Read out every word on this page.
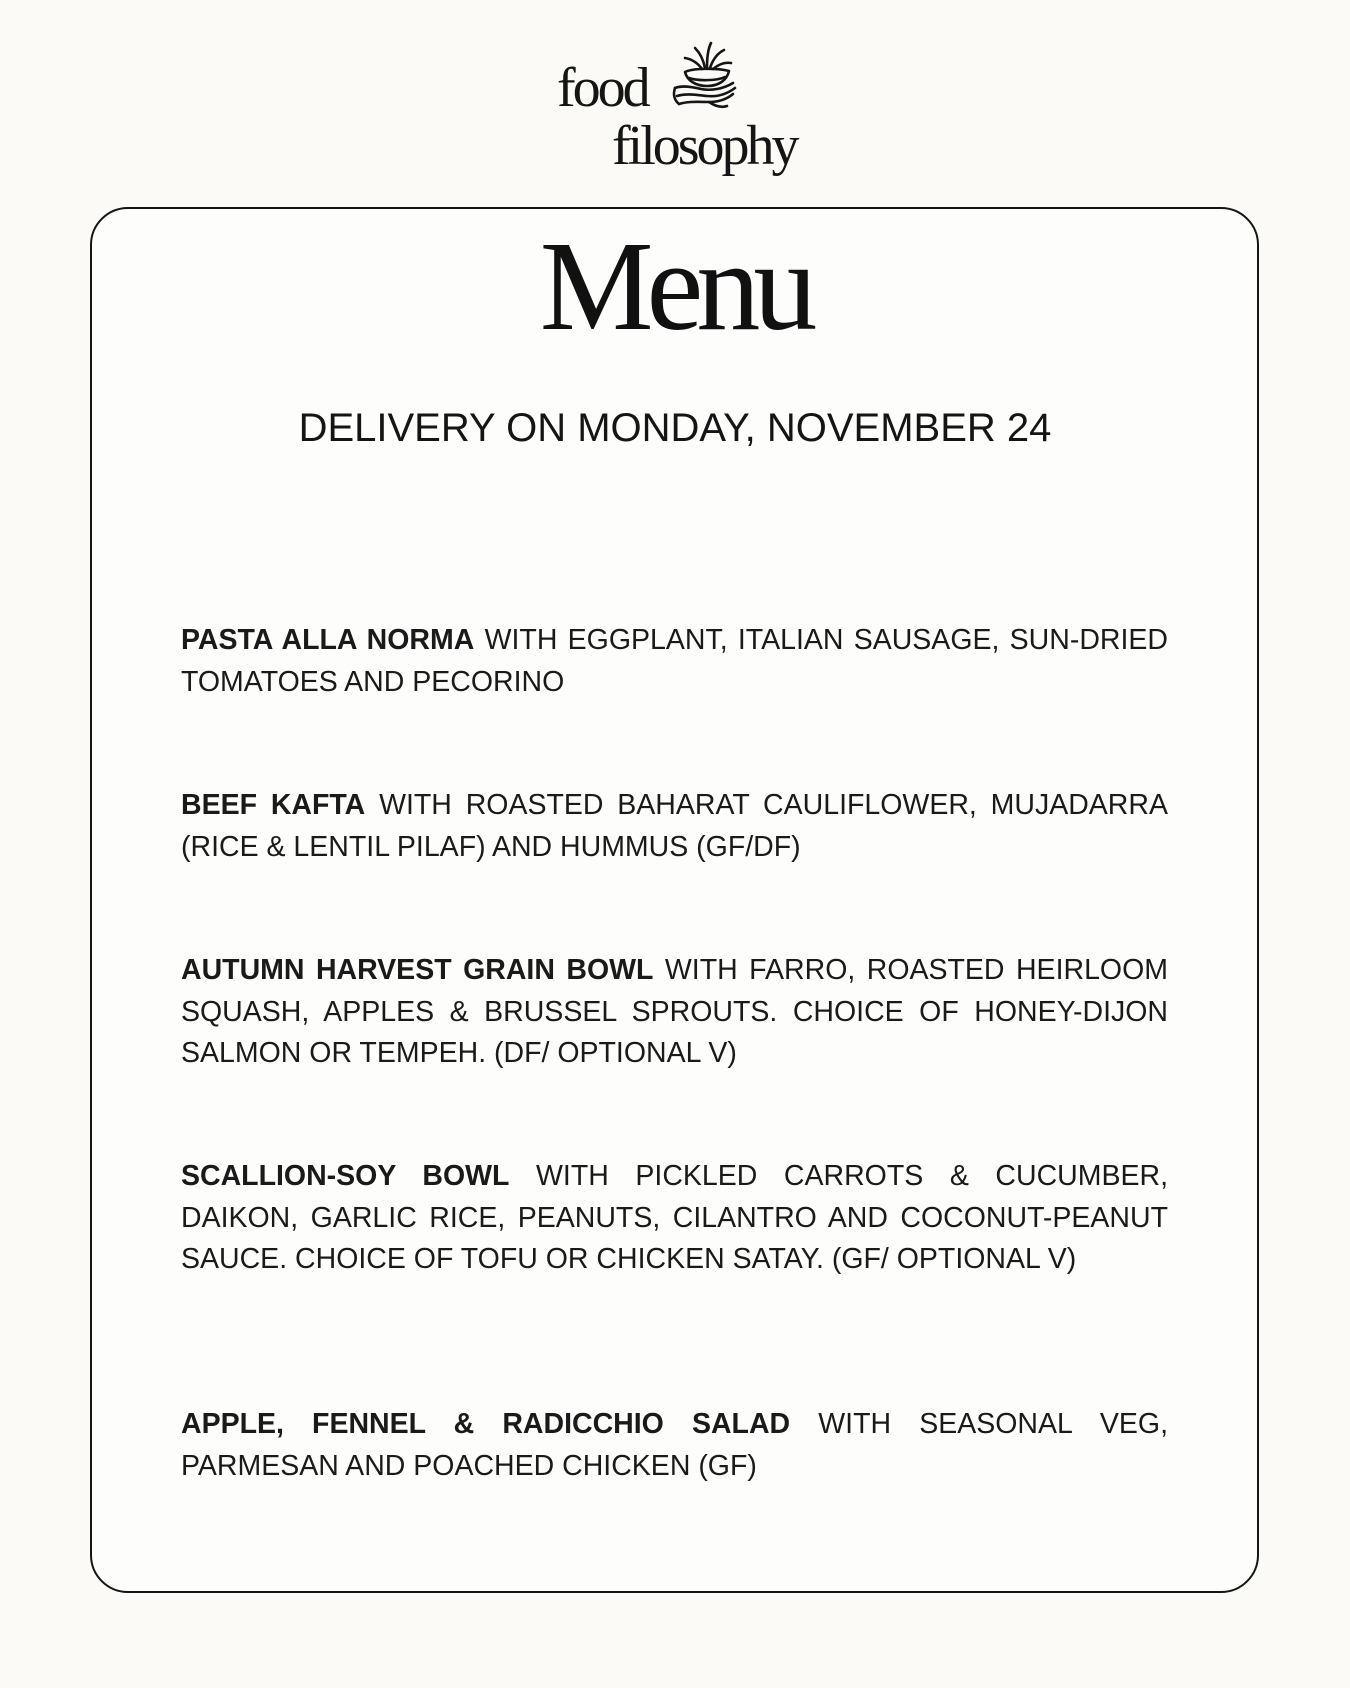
food
filosophy
Menu
DELIVERY ON MONDAY, NOVEMBER 24

PASTA ALLA NORMA WITH EGGPLANT, ITALIAN SAUSAGE, SUN-DRIED TOMATOES AND PECORINO

BEEF KAFTA WITH ROASTED BAHARAT CAULIFLOWER, MUJADARRA (RICE & LENTIL PILAF) AND HUMMUS (GF/DF)

AUTUMN HARVEST GRAIN BOWL WITH FARRO, ROASTED HEIRLOOM SQUASH, APPLES & BRUSSEL SPROUTS. CHOICE OF HONEY-DIJON SALMON OR TEMPEH. (DF/ OPTIONAL V)

SCALLION-SOY BOWL WITH PICKLED CARROTS & CUCUMBER, DAIKON, GARLIC RICE, PEANUTS, CILANTRO AND COCONUT-PEANUT SAUCE. CHOICE OF TOFU OR CHICKEN SATAY. (GF/ OPTIONAL V)

APPLE, FENNEL & RADICCHIO SALAD WITH SEASONAL VEG, PARMESAN AND POACHED CHICKEN (GF)
